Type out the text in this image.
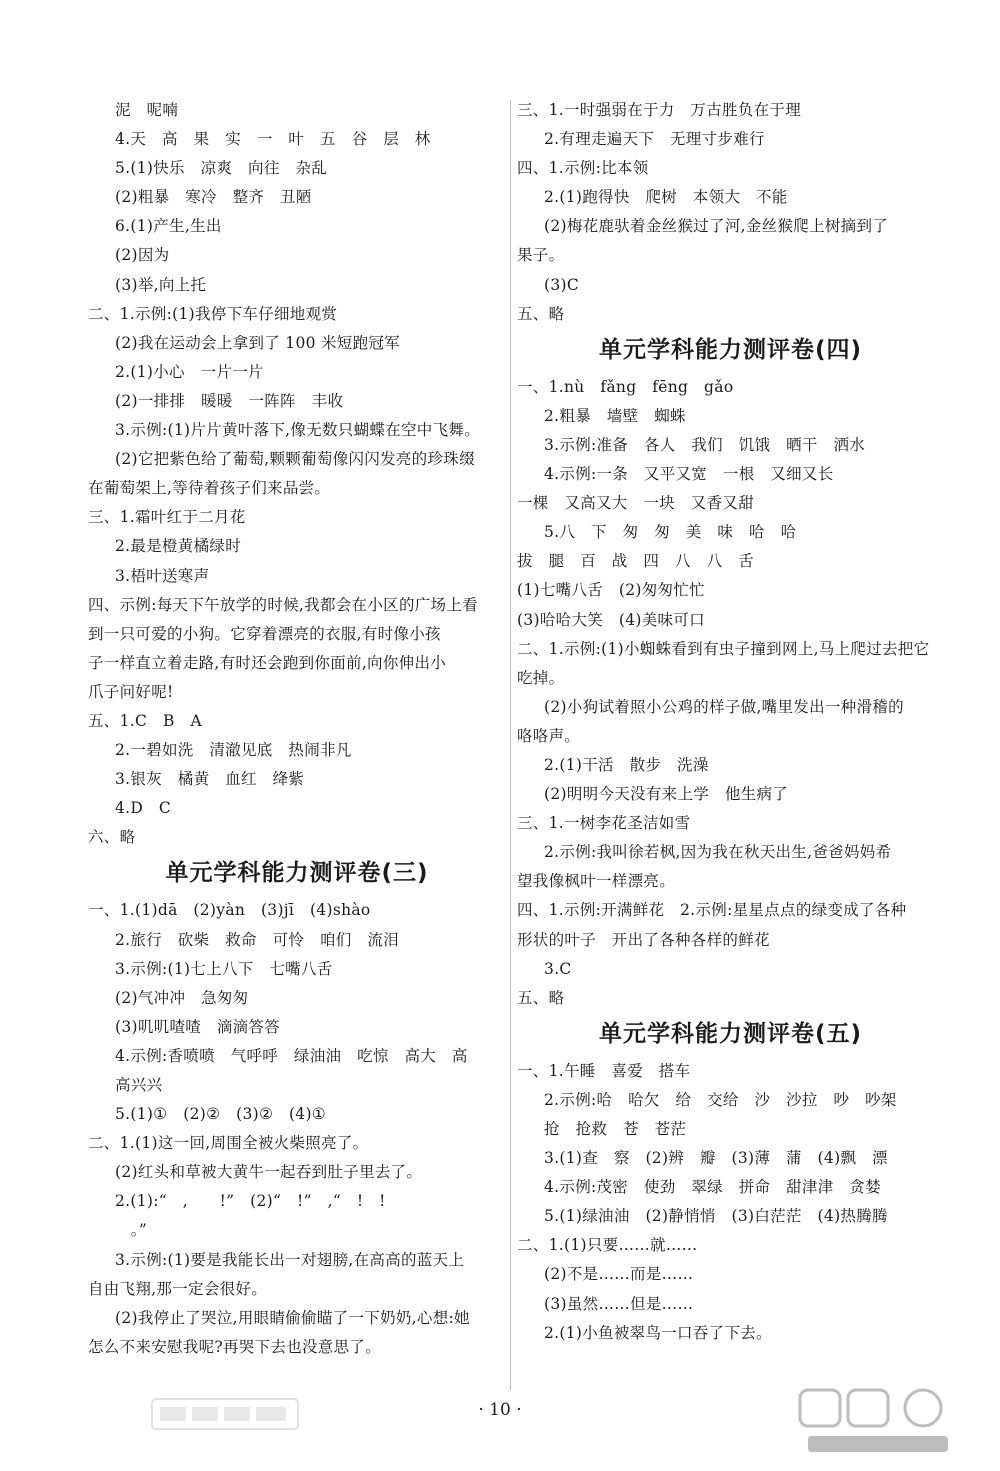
泥　呢喃
4.天　高　果　实　一　叶　五　谷　层　林
5.(1)快乐　凉爽　向往　杂乱
(2)粗暴　寒冷　整齐　丑陋
6.(1)产生,生出
(2)因为
(3)举,向上托
二、1.示例:(1)我停下车仔细地观赏
(2)我在运动会上拿到了 100 米短跑冠军
2.(1)小心　一片一片
(2)一排排　暖暖　一阵阵　丰收
3.示例:(1)片片黄叶落下,像无数只蝴蝶在空中飞舞。
(2)它把紫色给了葡萄,颗颗葡萄像闪闪发亮的珍珠缀
在葡萄架上,等待着孩子们来品尝。
三、1.霜叶红于二月花
2.最是橙黄橘绿时
3.梧叶送寒声
四、示例:每天下午放学的时候,我都会在小区的广场上看
到一只可爱的小狗。它穿着漂亮的衣服,有时像小孩
子一样直立着走路,有时还会跑到你面前,向你伸出小
爪子问好呢!
五、1.C　B　A
2.一碧如洗　清澈见底　热闹非凡
3.银灰　橘黄　血红　绛紫
4.D　C
六、略
单元学科能力测评卷(三)
一、1.(1)dā　(2)yàn　(3)jī　(4)shào
2.旅行　砍柴　救命　可怜　咱们　流泪
3.示例:(1)七上八下　七嘴八舌
(2)气冲冲　急匆匆
(3)叽叽喳喳　滴滴答答
4.示例:香喷喷　气呼呼　绿油油　吃惊　高大　高
高兴兴
5.(1)①　(2)②　(3)②　(4)①
二、1.(1)这一回,周围全被火柴照亮了。
(2)红头和草被大黄牛一起吞到肚子里去了。
2.(1):“　,　　!”　(2)“　!”　,“　!　!
　。”
3.示例:(1)要是我能长出一对翅膀,在高高的蓝天上
自由飞翔,那一定会很好。
(2)我停止了哭泣,用眼睛偷偷瞄了一下奶奶,心想:她
怎么不来安慰我呢?再哭下去也没意思了。
三、1.一时强弱在于力　万古胜负在于理
2.有理走遍天下　无理寸步难行
四、1.示例:比本领
2.(1)跑得快　爬树　本领大　不能
(2)梅花鹿驮着金丝猴过了河,金丝猴爬上树摘到了
果子。
(3)C
五、略
单元学科能力测评卷(四)
一、1.nù　fǎng　fēng　gǎo
2.粗暴　墙壁　蜘蛛
3.示例:准备　各人　我们　饥饿　晒干　洒水
4.示例:一条　又平又宽　一根　又细又长
一棵　又高又大　一块　又香又甜
5.八　下　匆　匆　美　味　哈　哈
拔　腿　百　战　四　八　八　舌
(1)七嘴八舌　(2)匆匆忙忙
(3)哈哈大笑　(4)美味可口
二、1.示例:(1)小蜘蛛看到有虫子撞到网上,马上爬过去把它
吃掉。
(2)小狗试着照小公鸡的样子做,嘴里发出一种滑稽的
咯咯声。
2.(1)干活　散步　洗澡
(2)明明今天没有来上学　他生病了
三、1.一树李花圣洁如雪
2.示例:我叫徐若枫,因为我在秋天出生,爸爸妈妈希
望我像枫叶一样漂亮。
四、1.示例:开满鲜花　2.示例:星星点点的绿变成了各种
形状的叶子　开出了各种各样的鲜花
3.C
五、略
单元学科能力测评卷(五)
一、1.午睡　喜爱　搭车
2.示例:哈　哈欠　给　交给　沙　沙拉　吵　吵架
抢　抢救　苍　苍茫
3.(1)查　察　(2)辨　瓣　(3)薄　蒲　(4)飘　漂
4.示例:茂密　使劲　翠绿　拼命　甜津津　贪婪
5.(1)绿油油　(2)静悄悄　(3)白茫茫　(4)热腾腾
二、1.(1)只要……就……
(2)不是……而是……
(3)虽然……但是……
2.(1)小鱼被翠鸟一口吞了下去。
· 10 ·
